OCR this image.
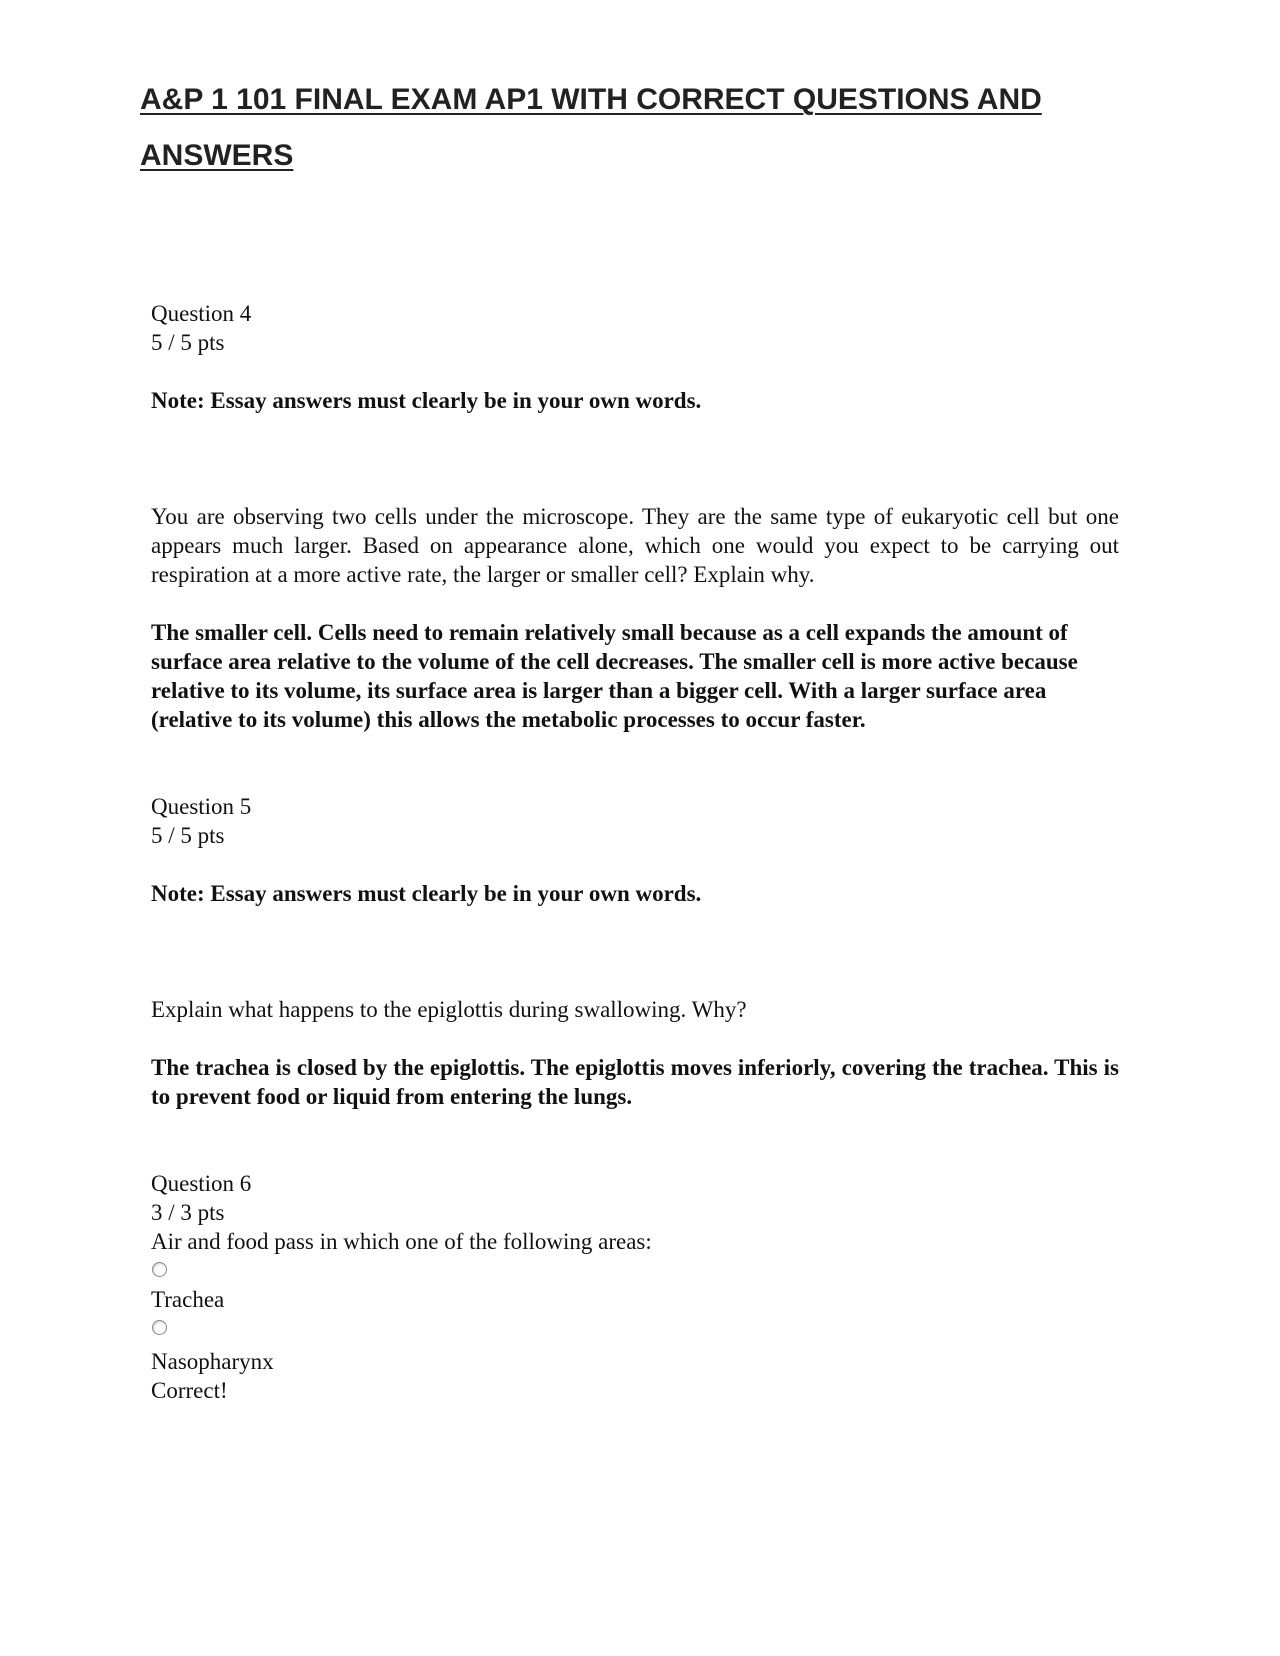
A&P 1 101 FINAL EXAM AP1 WITH CORRECT QUESTIONS AND ANSWERS

Question 4

5 / 5 pts

Note: Essay answers must clearly be in your own words.

You are observing two cells under the microscope. They are the same type of eukaryotic cell but one appears much larger. Based on appearance alone, which one would you expect to be carrying out respiration at a more active rate, the larger or smaller cell? Explain why.

The smaller cell. Cells need to remain relatively small because as a cell expands the amount of surface area relative to the volume of the cell decreases. The smaller cell is more active because relative to its volume, its surface area is larger than a bigger cell. With a larger surface area (relative to its volume) this allows the metabolic processes to occur faster.

Question 5

5 / 5 pts

Note: Essay answers must clearly be in your own words.

Explain what happens to the epiglottis during swallowing. Why?

The trachea is closed by the epiglottis. The epiglottis moves inferiorly, covering the trachea. This is to prevent food or liquid from entering the lungs.

Question 6

3 / 3 pts

Air and food pass in which one of the following areas:

Trachea

Nasopharynx

Correct!
